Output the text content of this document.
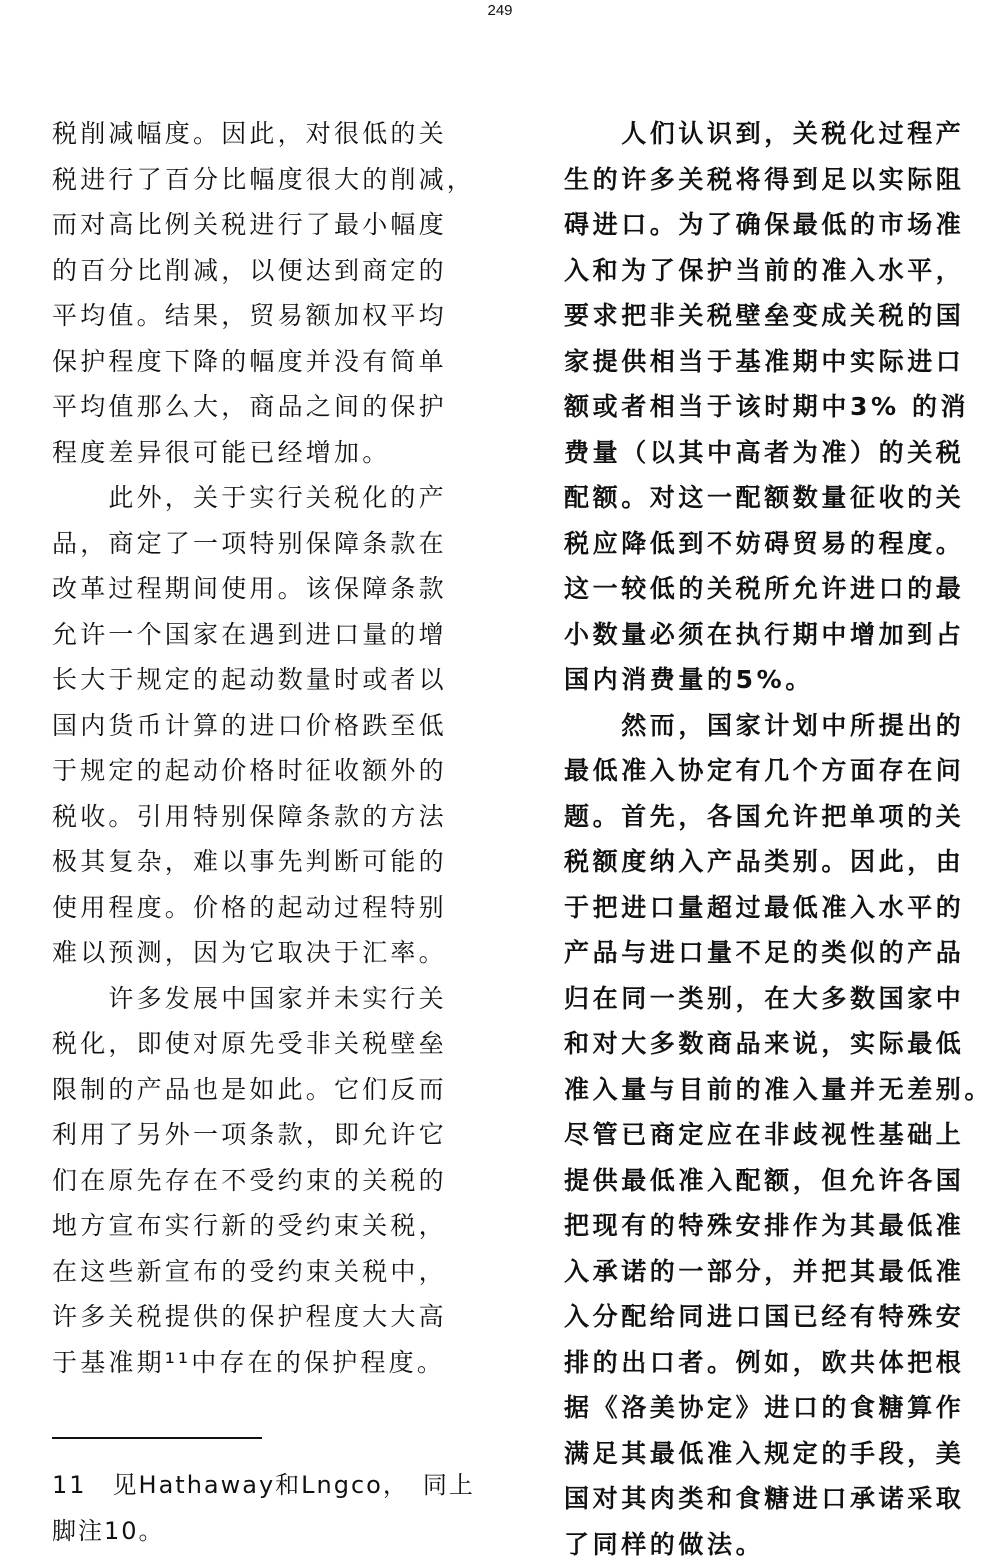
249
税削减幅度。因此，对很低的关
税进行了百分比幅度很大的削减，
而对高比例关税进行了最小幅度
的百分比削减，以便达到商定的
平均值。结果，贸易额加权平均
保护程度下降的幅度并没有简单
平均值那么大，商品之间的保护
程度差异很可能已经增加。
　　此外，关于实行关税化的产
品，商定了一项特别保障条款在
改革过程期间使用。该保障条款
允许一个国家在遇到进口量的增
长大于规定的起动数量时或者以
国内货币计算的进口价格跌至低
于规定的起动价格时征收额外的
税收。引用特别保障条款的方法
极其复杂，难以事先判断可能的
使用程度。价格的起动过程特别
难以预测，因为它取决于汇率。
　　许多发展中国家并未实行关
税化，即使对原先受非关税壁垒
限制的产品也是如此。它们反而
利用了另外一项条款，即允许它
们在原先存在不受约束的关税的
地方宣布实行新的受约束关税，
在这些新宣布的受约束关税中，
许多关税提供的保护程度大大高
于基准期¹¹中存在的保护程度。
　　人们认识到，关税化过程产
生的许多关税将得到足以实际阻
碍进口。为了确保最低的市场准
入和为了保护当前的准入水平，
要求把非关税壁垒变成关税的国
家提供相当于基准期中实际进口
额或者相当于该时期中3% 的消
费量（以其中高者为准）的关税
配额。对这一配额数量征收的关
税应降低到不妨碍贸易的程度。
这一较低的关税所允许进口的最
小数量必须在执行期中增加到占
国内消费量的5%。
　　然而，国家计划中所提出的
最低准入协定有几个方面存在问
题。首先，各国允许把单项的关
税额度纳入产品类别。因此，由
于把进口量超过最低准入水平的
产品与进口量不足的类似的产品
归在同一类别，在大多数国家中
和对大多数商品来说，实际最低
准入量与目前的准入量并无差别。
尽管已商定应在非歧视性基础上
提供最低准入配额，但允许各国
把现有的特殊安排作为其最低准
入承诺的一部分，并把其最低准
入分配给同进口国已经有特殊安
排的出口者。例如，欧共体把根
据《洛美协定》进口的食糖算作
满足其最低准入规定的手段，美
国对其肉类和食糖进口承诺采取
了同样的做法。
11　见Hathaway和Lngco，　同上
脚注10。
